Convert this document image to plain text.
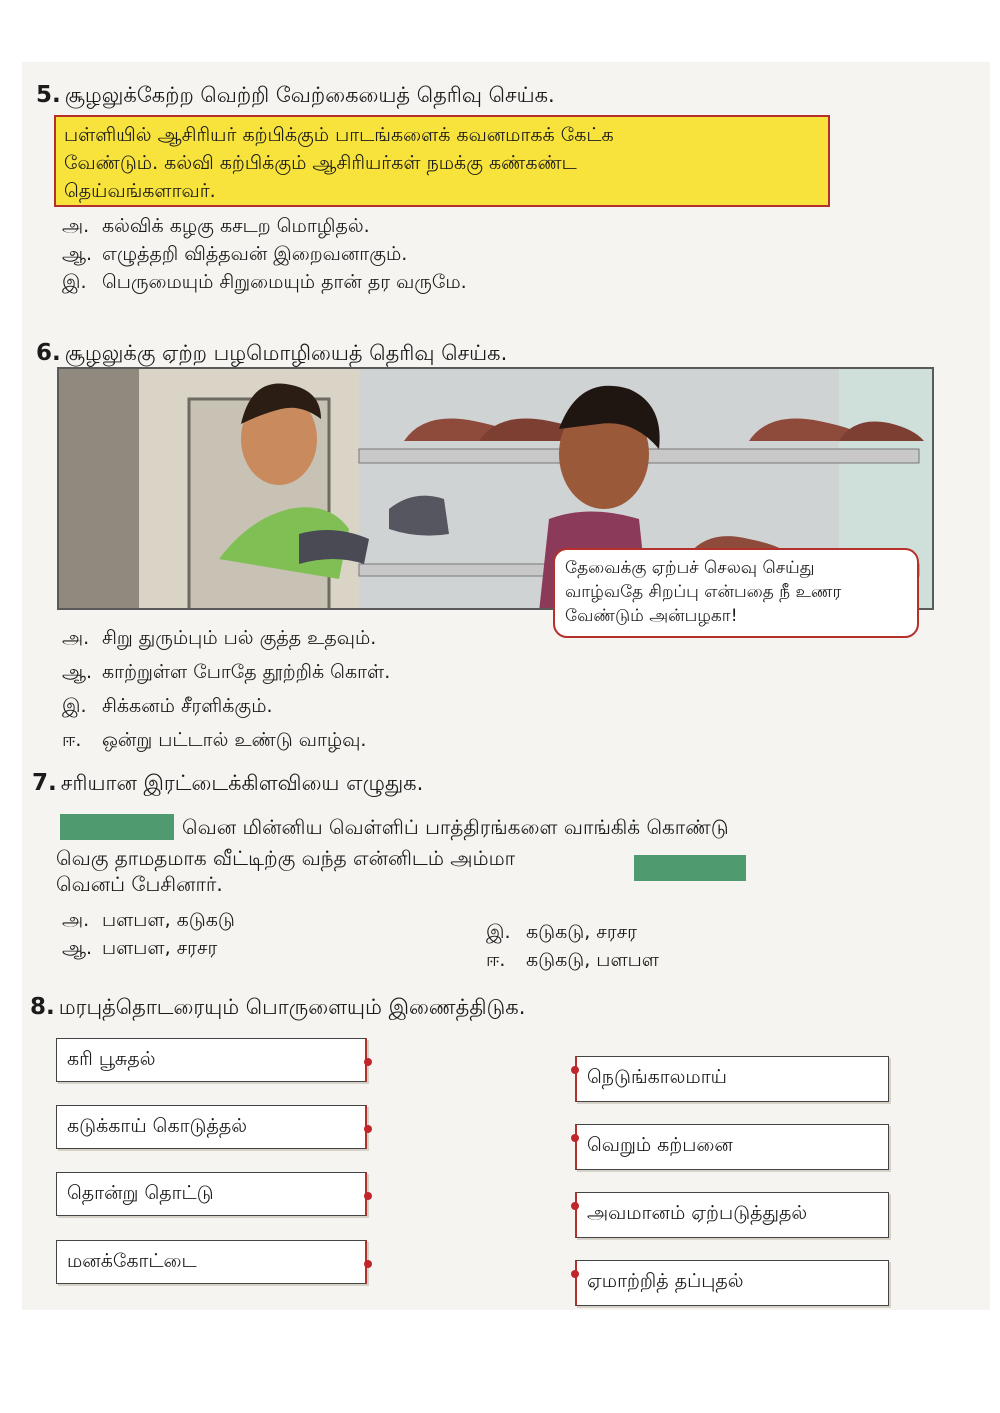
5. சூழலுக்கேற்ற வெற்றி வேற்கையைத் தெரிவு செய்க.
பள்ளியில் ஆசிரியர் கற்பிக்கும் பாடங்களைக் கவனமாகக் கேட்க
வேண்டும். கல்வி கற்பிக்கும் ஆசிரியர்கள் நமக்கு கண்கண்ட
தெய்வங்களாவர்.
அ. கல்விக் கழகு கசடற மொழிதல்.
ஆ. எழுத்தறி வித்தவன் இறைவனாகும்.
இ. பெருமையும் சிறுமையும் தான் தர வருமே.
6. சூழலுக்கு ஏற்ற பழமொழியைத் தெரிவு செய்க.
தேவைக்கு ஏற்பச் செலவு செய்து
வாழ்வதே சிறப்பு என்பதை நீ உணர
வேண்டும் அன்பழகா!
அ. சிறு துரும்பும் பல் குத்த உதவும்.
ஆ. காற்றுள்ள போதே தூற்றிக் கொள்.
இ. சிக்கனம் சீரளிக்கும்.
ஈ. ஒன்று பட்டால் உண்டு வாழ்வு.
7. சரியான இரட்டைக்கிளவியை எழுதுக.
வென மின்னிய வெள்ளிப் பாத்திரங்களை வாங்கிக் கொண்டு
வெகு தாமதமாக வீட்டிற்கு வந்த என்னிடம் அம்மா
வெனப் பேசினார்.
அ. பளபள, கடுகடு
ஆ. பளபள, சரசர
இ. கடுகடு, சரசர
ஈ. கடுகடு, பளபள
8. மரபுத்தொடரையும் பொருளையும் இணைத்திடுக.
கரி பூசுதல்
கடுக்காய் கொடுத்தல்
தொன்று தொட்டு
மனக்கோட்டை
நெடுங்காலமாய்
வெறும் கற்பனை
அவமானம் ஏற்படுத்துதல்
ஏமாற்றித் தப்புதல்
